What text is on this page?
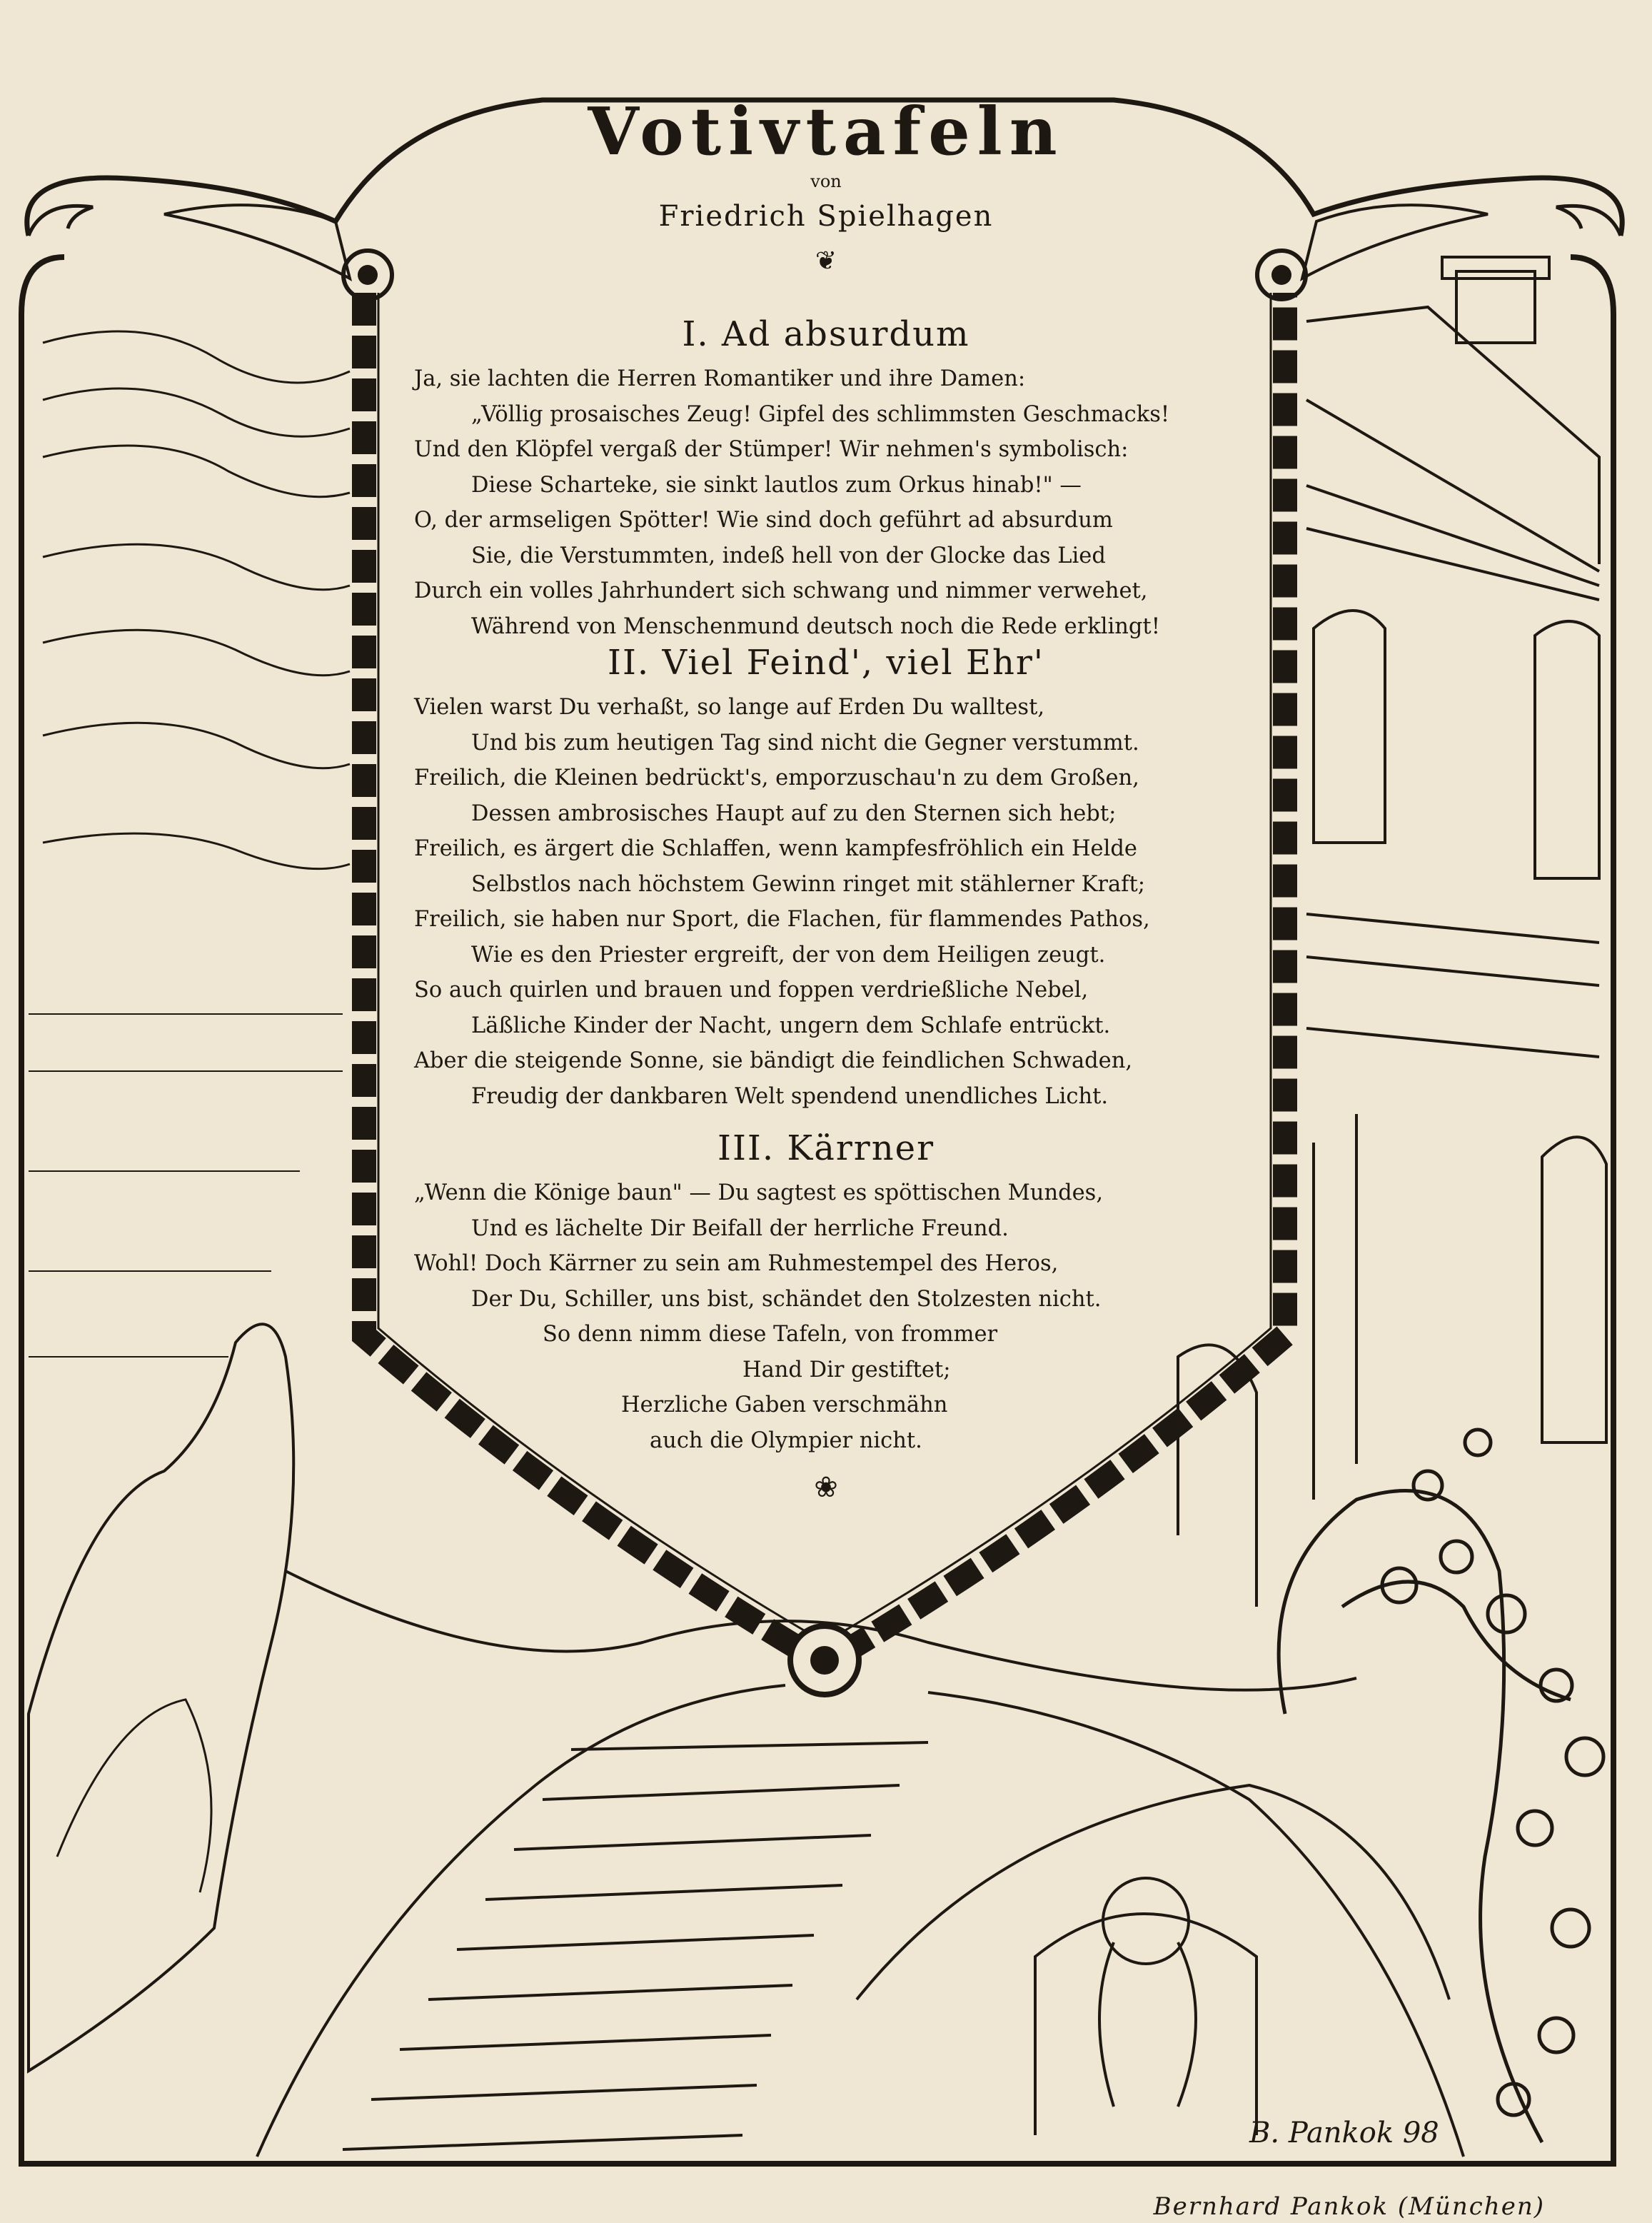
B. Pankok 98
Votivtafeln
von
Friedrich Spielhagen
❦
I. Ad absurdum
Ja, sie lachten die Herren Romantiker und ihre Damen:
„Völlig prosaisches Zeug! Gipfel des schlimmsten Geschmacks!
Und den Klöpfel vergaß der Stümper! Wir nehmen's symbolisch:
Diese Scharteke, sie sinkt lautlos zum Orkus hinab!" —
O, der armseligen Spötter! Wie sind doch geführt ad absurdum
Sie, die Verstummten, indeß hell von der Glocke das Lied
Durch ein volles Jahrhundert sich schwang und nimmer verwehet,
Während von Menschenmund deutsch noch die Rede erklingt!
II. Viel Feind', viel Ehr'
Vielen warst Du verhaßt, so lange auf Erden Du walltest,
Und bis zum heutigen Tag sind nicht die Gegner verstummt.
Freilich, die Kleinen bedrückt's, emporzuschau'n zu dem Großen,
Dessen ambrosisches Haupt auf zu den Sternen sich hebt;
Freilich, es ärgert die Schlaffen, wenn kampfesfröhlich ein Helde
Selbstlos nach höchstem Gewinn ringet mit stählerner Kraft;
Freilich, sie haben nur Sport, die Flachen, für flammendes Pathos,
Wie es den Priester ergreift, der von dem Heiligen zeugt.
So auch quirlen und brauen und foppen verdrießliche Nebel,
Läßliche Kinder der Nacht, ungern dem Schlafe entrückt.
Aber die steigende Sonne, sie bändigt die feindlichen Schwaden,
Freudig der dankbaren Welt spendend unendliches Licht.
III. Kärrner
„Wenn die Könige baun" — Du sagtest es spöttischen Mundes,
Und es lächelte Dir Beifall der herrliche Freund.
Wohl! Doch Kärrner zu sein am Ruhmestempel des Heros,
Der Du, Schiller, uns bist, schändet den Stolzesten nicht.
So denn nimm diese Tafeln, von frommer
Hand Dir gestiftet;
Herzliche Gaben verschmähn
auch die Olympier nicht.
❀
Bernhard Pankok (München)
